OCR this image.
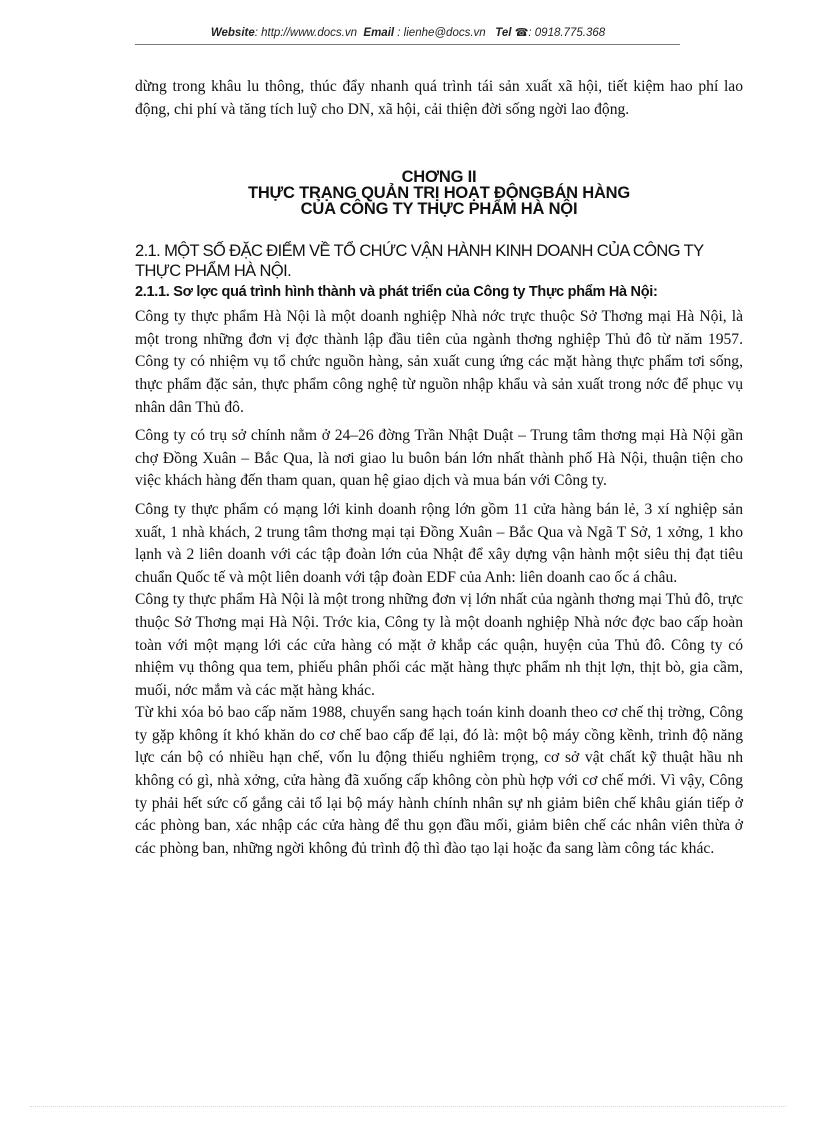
Website: http://www.docs.vn Email : lienhe@docs.vn Tel ☎: 0918.775.368

dừng trong khâu lu thông, thúc đẩy nhanh quá trình tái sản xuất xã hội, tiết kiệm hao phí lao động, chi phí và tăng tích luỹ cho DN, xã hội, cải thiện đời sống ngời lao động.

CHƠNG II
THỰC TRẠNG QUẢN TRỊ HOẠT ĐỘNGBÁN HÀNG
CỦA CÔNG TY THỰC PHẨM HÀ NỘI
2.1. MỘT SỐ ĐẶC ĐIỂM VỀ TỔ CHỨC VẬN HÀNH KINH DOANH CỦA CÔNG TY THỰC PHẨM HÀ NỘI.
2.1.1. Sơ lợc quá trình hình thành và phát triển của Công ty Thực phẩm Hà Nội:

Công ty thực phẩm Hà Nội là một doanh nghiệp Nhà nớc trực thuộc Sở Thơng mại Hà Nội, là một trong những đơn vị đợc thành lập đầu tiên của ngành thơng nghiệp Thủ đô từ năm 1957. Công ty có nhiệm vụ tổ chức nguồn hàng, sản xuất cung ứng các mặt hàng thực phẩm tơi sống, thực phẩm đặc sản, thực phẩm công nghệ từ nguồn nhập khẩu và sản xuất trong nớc để phục vụ nhân dân Thủ đô.

Công ty có trụ sở chính nằm ở 24–26 đờng Trần Nhật Duật – Trung tâm thơng mại Hà Nội gần chợ Đồng Xuân – Bắc Qua, là nơi giao lu buôn bán lớn nhất thành phố Hà Nội, thuận tiện cho việc khách hàng đến tham quan, quan hệ giao dịch và mua bán với Công ty.

Công ty thực phẩm có mạng lới kinh doanh rộng lớn gồm 11 cửa hàng bán lẻ, 3 xí nghiệp sản xuất, 1 nhà khách, 2 trung tâm thơng mại tại Đồng Xuân – Bắc Qua và Ngã T Sở, 1 xởng, 1 kho lạnh và 2 liên doanh với các tập đoàn lớn của Nhật để xây dựng vận hành một siêu thị đạt tiêu chuẩn Quốc tế và một liên doanh với tập đoàn EDF của Anh: liên doanh cao ốc á châu.

Công ty thực phẩm Hà Nội là một trong những đơn vị lớn nhất của ngành thơng mại Thủ đô, trực thuộc Sở Thơng mại Hà Nội. Trớc kia, Công ty là một doanh nghiệp Nhà nớc đợc bao cấp hoàn toàn với một mạng lới các cửa hàng có mặt ở khắp các quận, huyện của Thủ đô. Công ty có nhiệm vụ thông qua tem, phiếu phân phối các mặt hàng thực phẩm nh thịt lợn, thịt bò, gia cầm, muối, nớc mắm và các mặt hàng khác.

Từ khi xóa bỏ bao cấp năm 1988, chuyển sang hạch toán kinh doanh theo cơ chế thị trờng, Công ty gặp không ít khó khăn do cơ chế bao cấp để lại, đó là: một bộ máy cồng kềnh, trình độ năng lực cán bộ có nhiều hạn chế, vốn lu động thiếu nghiêm trọng, cơ sở vật chất kỹ thuật hầu nh không có gì, nhà xởng, cửa hàng đã xuống cấp không còn phù hợp với cơ chế mới. Vì vậy, Công ty phải hết sức cố gắng cải tổ lại bộ máy hành chính nhân sự nh giảm biên chế khâu gián tiếp ở các phòng ban, xác nhập các cửa hàng để thu gọn đầu mối, giảm biên chế các nhân viên thừa ở các phòng ban, những ngời không đủ trình độ thì đào tạo lại hoặc đa sang làm công tác khác.
